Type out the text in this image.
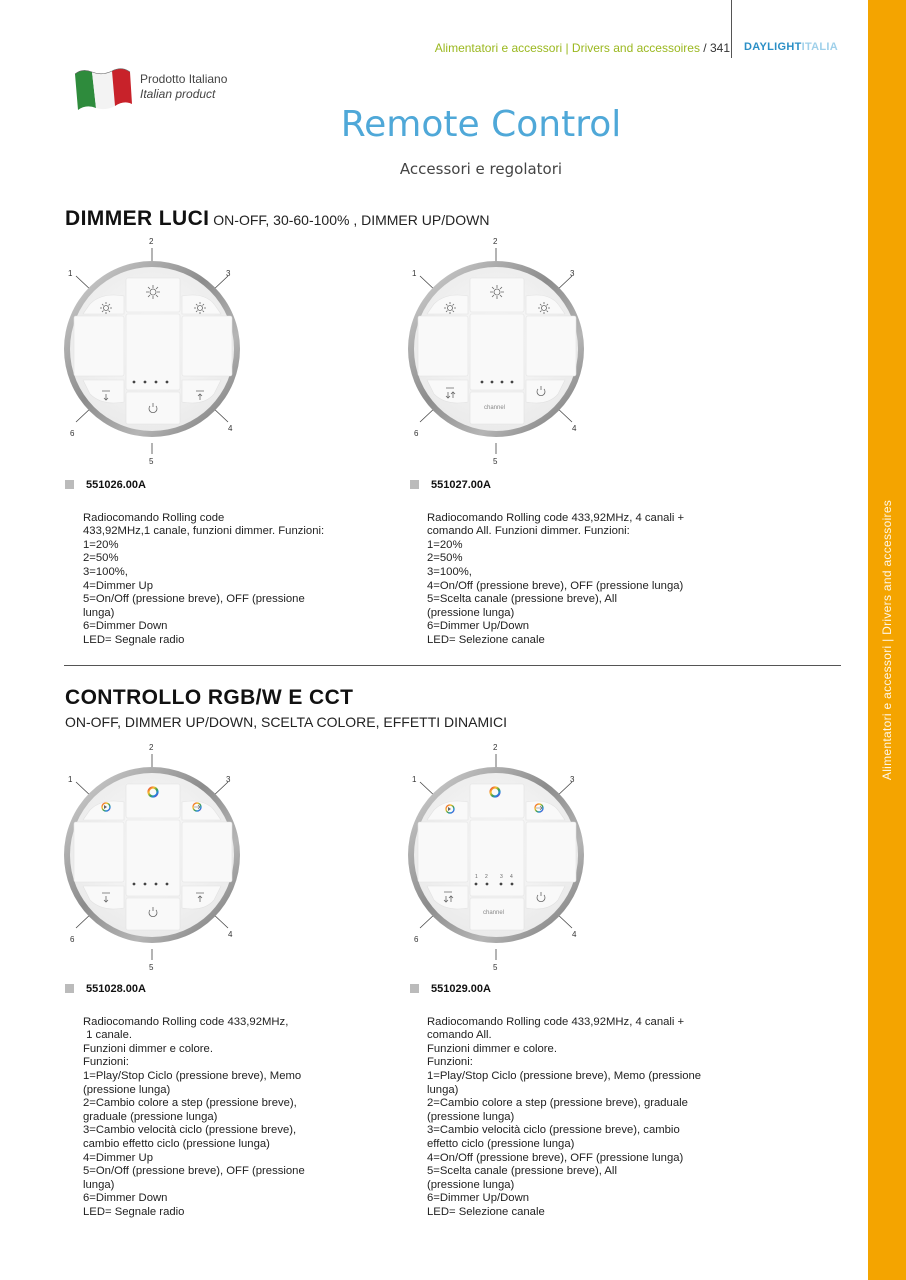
Alimentatori e accessori | Drivers and accessoires
Alimentatori e accessori | Drivers and accessoires / 341 DAYLIGHTITALIA
Prodotto Italiano
Italian product
Remote Control
Accessori e regolatori
DIMMER LUCI ON-OFF, 30-60-100% , DIMMER UP/DOWN
2
1	3
6
4
5
2
1	3
6
4
5
channel
551026.00A

Radiocomando Rolling code
433,92MHz,1 canale, funzioni dimmer. Funzioni:
1=20%
2=50%
3=100%,
4=Dimmer Up
5=On/Off (pressione breve), OFF (pressione
lunga)
6=Dimmer Down
LED= Segnale radio

551027.00A

Radiocomando Rolling code 433,92MHz, 4 canali +
comando All. Funzioni dimmer. Funzioni:
1=20%
2=50%
3=100%,
4=On/Off (pressione breve), OFF (pressione lunga)
5=Scelta canale (pressione breve), All
(pressione lunga)
6=Dimmer Up/Down
LED= Selezione canale

CONTROLLO RGB/W E CCT
ON-OFF, DIMMER UP/DOWN, SCELTA COLORE, EFFETTI DINAMICI
2
1	3
6
4
5
2
1	3
6
4
5
1 2 3 4
channel
551028.00A

Radiocomando Rolling code 433,92MHz,
1 canale.
Funzioni dimmer e colore.
Funzioni:
1=Play/Stop Ciclo (pressione breve), Memo
(pressione lunga)
2=Cambio colore a step (pressione breve),
graduale (pressione lunga)
3=Cambio velocità ciclo (pressione breve),
cambio effetto ciclo (pressione lunga)
4=Dimmer Up
5=On/Off (pressione breve), OFF (pressione
lunga)
6=Dimmer Down
LED= Segnale radio

551029.00A

Radiocomando Rolling code 433,92MHz, 4 canali +
comando All.
Funzioni dimmer e colore.
Funzioni:
1=Play/Stop Ciclo (pressione breve), Memo (pressione
lunga)
2=Cambio colore a step (pressione breve), graduale
(pressione lunga)
3=Cambio velocità ciclo (pressione breve), cambio
effetto ciclo (pressione lunga)
4=On/Off (pressione breve), OFF (pressione lunga)
5=Scelta canale (pressione breve), All
(pressione lunga)
6=Dimmer Up/Down
LED= Selezione canale
